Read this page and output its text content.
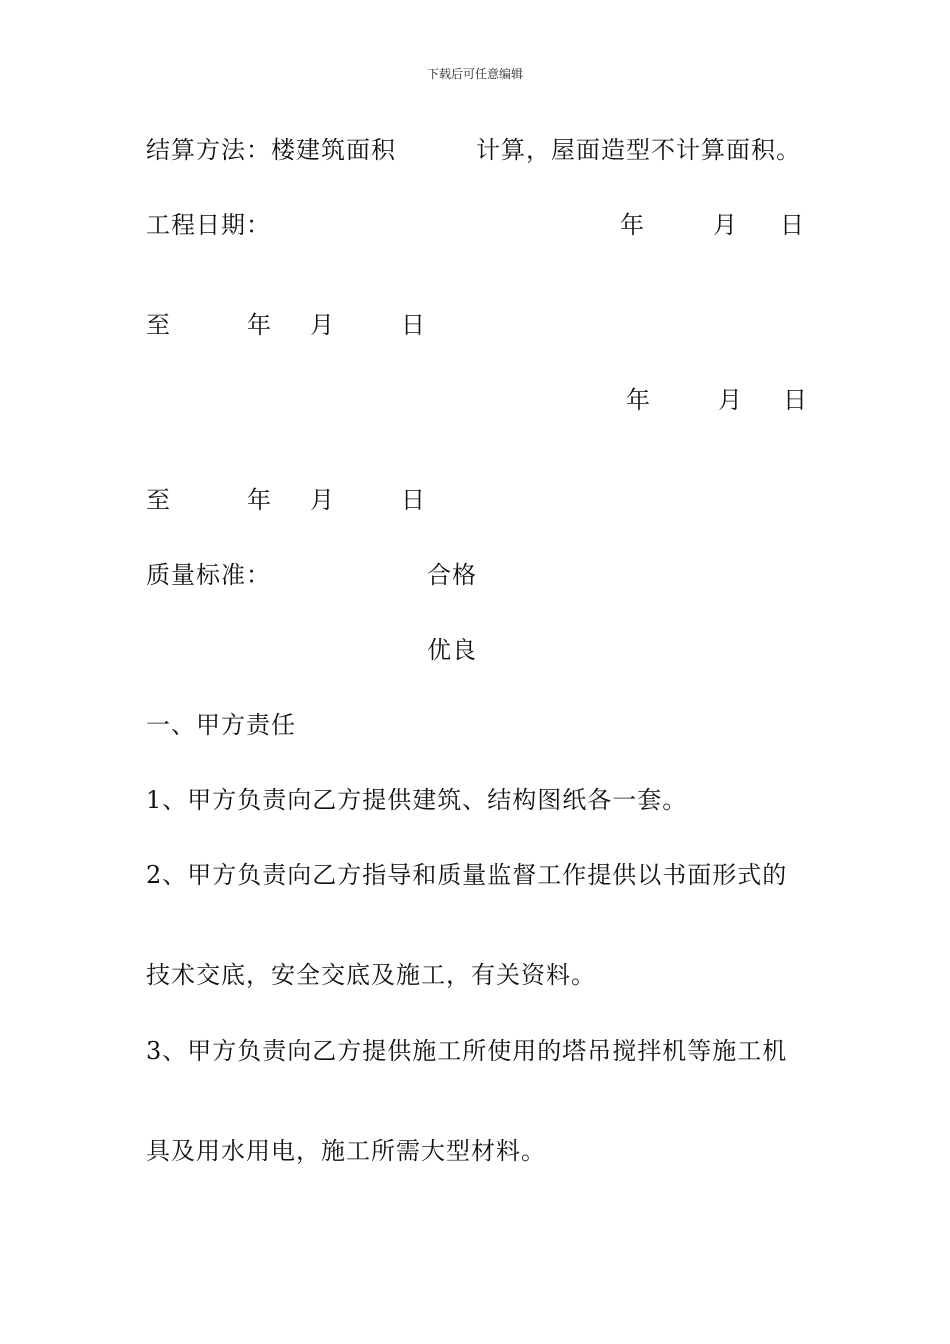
下载后可任意编辑
结算方法：楼建筑面积	计算，屋面造型不计算面积。
工程日期：	年	月 日
至	年 月	日
年	月 日
至	年 月	日
质量标准：	合格
优良
一、甲方责任
1、甲方负责向乙方提供建筑、结构图纸各一套。
2、甲方负责向乙方指导和质量监督工作提供以书面形式的
技术交底，安全交底及施工，有关资料。
3、甲方负责向乙方提供施工所使用的塔吊搅拌机等施工机
具及用水用电，施工所需大型材料。
